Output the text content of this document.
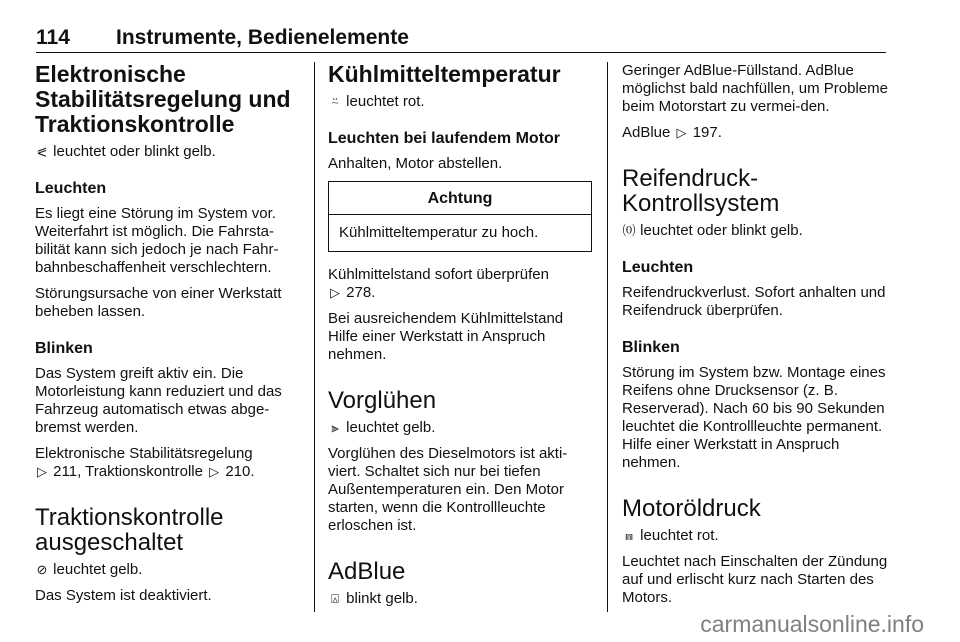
114 Instrumente, Bedienelemente
Elektronische Stabilitätsregelung und Traktionskontrolle

⪕ leuchtet oder blinkt gelb.

Leuchten

Es liegt eine Störung im System vor. Weiterfahrt ist möglich. Die Fahrsta-bilität kann sich jedoch je nach Fahr-bahnbeschaffenheit verschlechtern.

Störungsursache von einer Werkstatt beheben lassen.

Blinken

Das System greift aktiv ein. Die Motorleistung kann reduziert und das Fahrzeug automatisch etwas abge-bremst werden.

Elektronische Stabilitätsregelung
▷ 211, Traktionskontrolle ▷ 210.

Traktionskontrolle ausgeschaltet

⊘ leuchtet gelb.

Das System ist deaktiviert.

Kühlmitteltemperatur

⍨ leuchtet rot.

Leuchten bei laufendem Motor

Anhalten, Motor abstellen.

Achtung
Kühlmitteltemperatur zu hoch.

Kühlmittelstand sofort überprüfen
▷ 278.

Bei ausreichendem Kühlmittelstand Hilfe einer Werkstatt in Anspruch nehmen.

Vorglühen

⫸ leuchtet gelb.

Vorglühen des Dieselmotors ist akti-viert. Schaltet sich nur bei tiefen Außentemperaturen ein. Den Motor starten, wenn die Kontrollleuchte erloschen ist.

AdBlue

⍓ blinkt gelb.

Geringer AdBlue-Füllstand. AdBlue möglichst bald nachfüllen, um Probleme beim Motorstart zu vermei-den.

AdBlue ▷ 197.

Reifendruck-Kontrollsystem

⒪ leuchtet oder blinkt gelb.

Leuchten

Reifendruckverlust. Sofort anhalten und Reifendruck überprüfen.

Blinken

Störung im System bzw. Montage eines Reifens ohne Drucksensor (z. B. Reserverad). Nach 60 bis 90 Sekunden leuchtet die Kontrollleuchte permanent. Hilfe einer Werkstatt in Anspruch nehmen.

Motoröldruck

⩎ leuchtet rot.

Leuchtet nach Einschalten der Zündung auf und erlischt kurz nach Starten des Motors.

carmanualsonline.info
